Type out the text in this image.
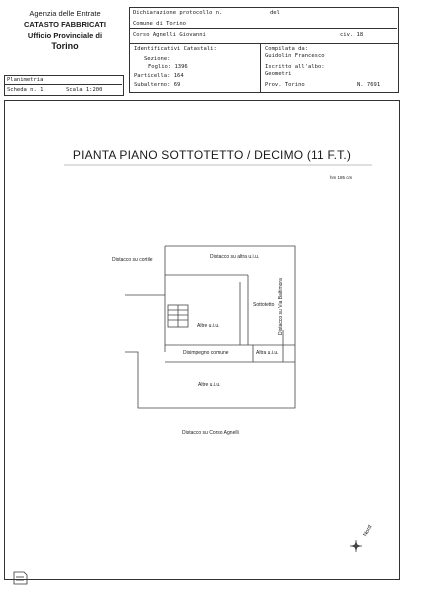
Agenzia delle Entrate
CATASTO FABBRICATI
Ufficio Provinciale di
Torino
Dichiarazione protocollo n.	del
Comune di Torino
Corso Agnelli Giovanni	civ. 18
Identificativi Catastali:
Sezione:
Foglio: 1396
Particella: 164
Subalterno: 69
Compilata da:
Guidolin Francesco
Iscritto all'albo:
Geometri
Prov. Torino	N. 7691
Planimetria
Scheda n. 1	Scala 1:200
PIANTA PIANO SOTTOTETTO / DECIMO (11 F.T.)
hm 185 cm
Distacco su cortile	Distacco su altra u.i.u.
Sottotetto
Altre u.i.u.
Disimpegno comune	Altra u.i.u.
Altre u.i.u.
Distacco su Corso Agnelli
Distacco su Via Baltimora
Nord
